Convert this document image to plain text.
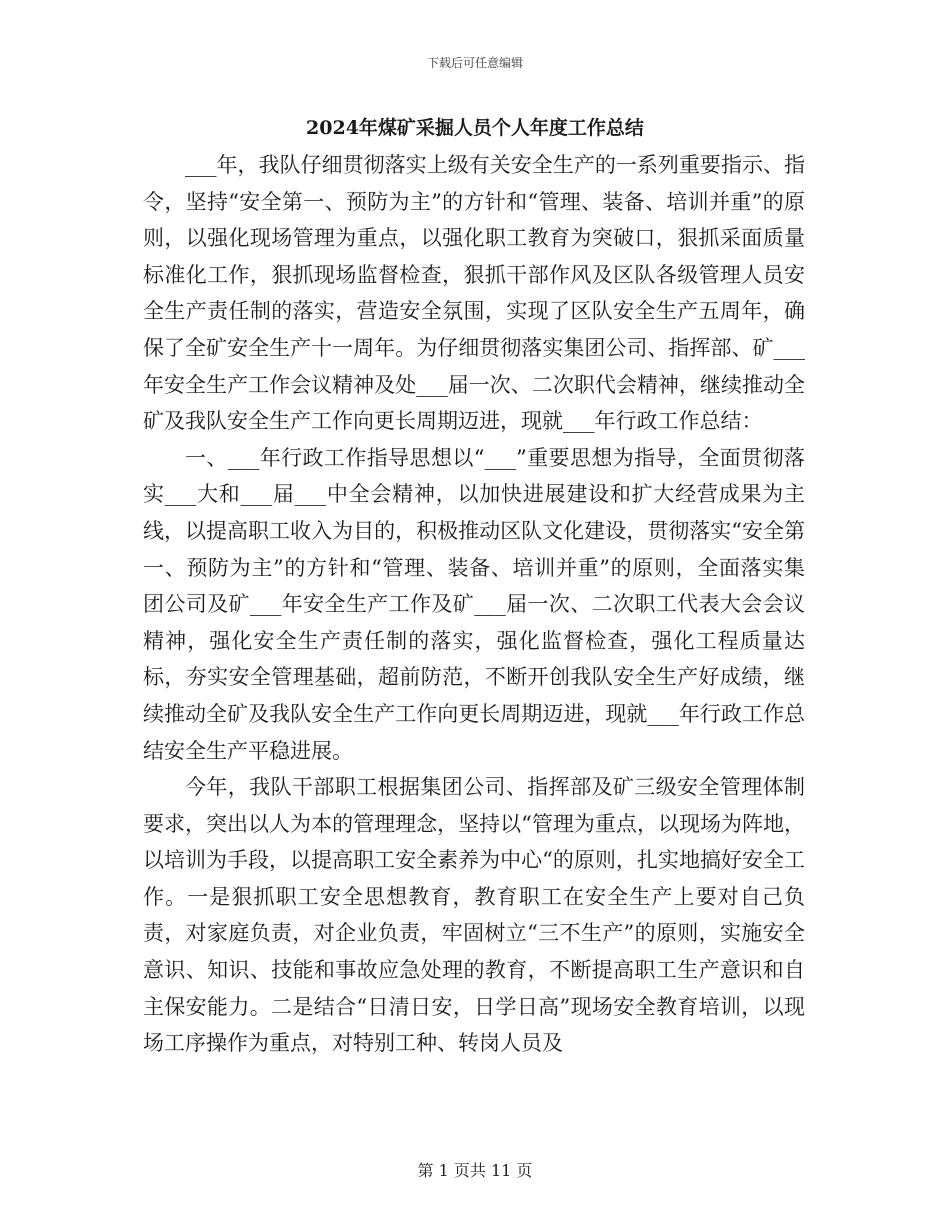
下载后可任意编辑
2024年煤矿采掘人员个人年度工作总结

___年，我队仔细贯彻落实上级有关安全生产的一系列重要指示、指令，坚持“安全第一、预防为主”的方针和“管理、装备、培训并重”的原则，以强化现场管理为重点，以强化职工教育为突破口，狠抓采面质量标准化工作，狠抓现场监督检查，狠抓干部作风及区队各级管理人员安全生产责任制的落实，营造安全氛围，实现了区队安全生产五周年，确保了全矿安全生产十一周年。为仔细贯彻落实集团公司、指挥部、矿___年安全生产工作会议精神及处___届一次、二次职代会精神，继续推动全矿及我队安全生产工作向更长周期迈进，现就___年行政工作总结：

一、___年行政工作指导思想以“___”重要思想为指导，全面贯彻落实___大和___届___中全会精神，以加快进展建设和扩大经营成果为主线，以提高职工收入为目的，积极推动区队文化建设，贯彻落实“安全第一、预防为主”的方针和“管理、装备、培训并重”的原则，全面落实集团公司及矿___年安全生产工作及矿___届一次、二次职工代表大会会议精神，强化安全生产责任制的落实，强化监督检查，强化工程质量达标，夯实安全管理基础，超前防范，不断开创我队安全生产好成绩，继续推动全矿及我队安全生产工作向更长周期迈进，现就___年行政工作总结安全生产平稳进展。

今年，我队干部职工根据集团公司、指挥部及矿三级安全管理体制要求，突出以人为本的管理理念，坚持以“管理为重点，以现场为阵地，以培训为手段，以提高职工安全素养为中心“的原则，扎实地搞好安全工作。一是狠抓职工安全思想教育，教育职工在安全生产上要对自己负责，对家庭负责，对企业负责，牢固树立“三不生产”的原则，实施安全意识、知识、技能和事故应急处理的教育，不断提高职工生产意识和自主保安能力。二是结合“日清日安，日学日高”现场安全教育培训，以现场工序操作为重点，对特别工种、转岗人员及

第 1 页共 11 页
